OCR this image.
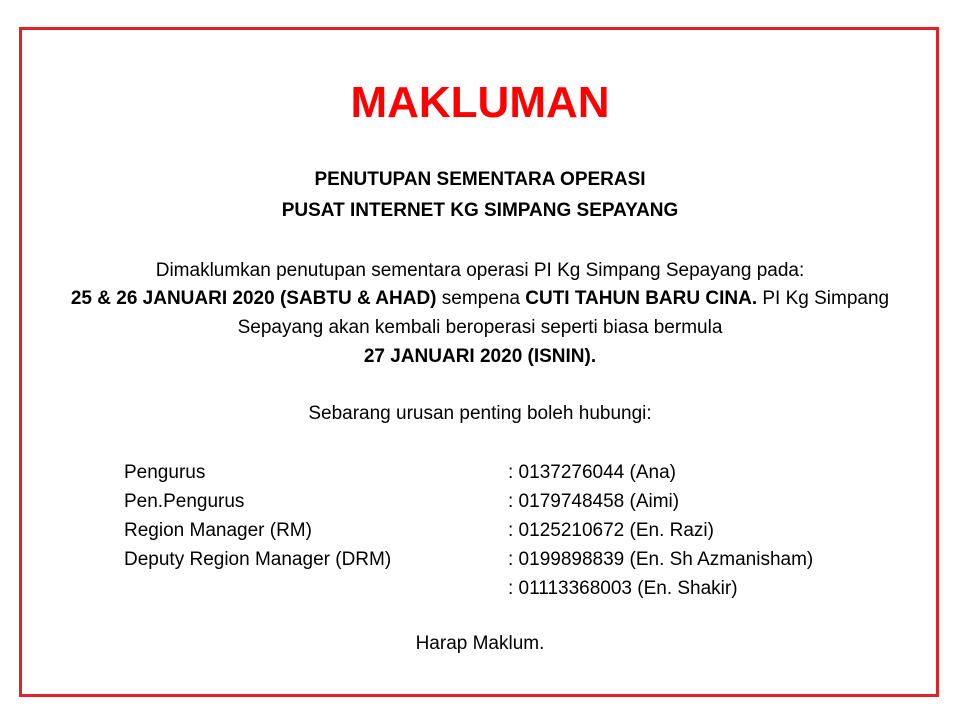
MAKLUMAN
PENUTUPAN SEMENTARA OPERASI
PUSAT INTERNET KG SIMPANG SEPAYANG
Dimaklumkan penutupan sementara operasi PI Kg Simpang Sepayang pada:
25 & 26 JANUARI 2020 (SABTU & AHAD) sempena CUTI TAHUN BARU CINA. PI Kg Simpang
Sepayang akan kembali beroperasi seperti biasa bermula
27 JANUARI 2020 (ISNIN).
Sebarang urusan penting boleh hubungi:
Pengurus	: 0137276044 (Ana)
Pen.Pengurus	: 0179748458 (Aimi)
Region Manager (RM)	: 0125210672 (En. Razi)
Deputy Region Manager (DRM)	: 0199898839 (En. Sh Azmanisham)
: 01113368003 (En. Shakir)
Harap Maklum.
